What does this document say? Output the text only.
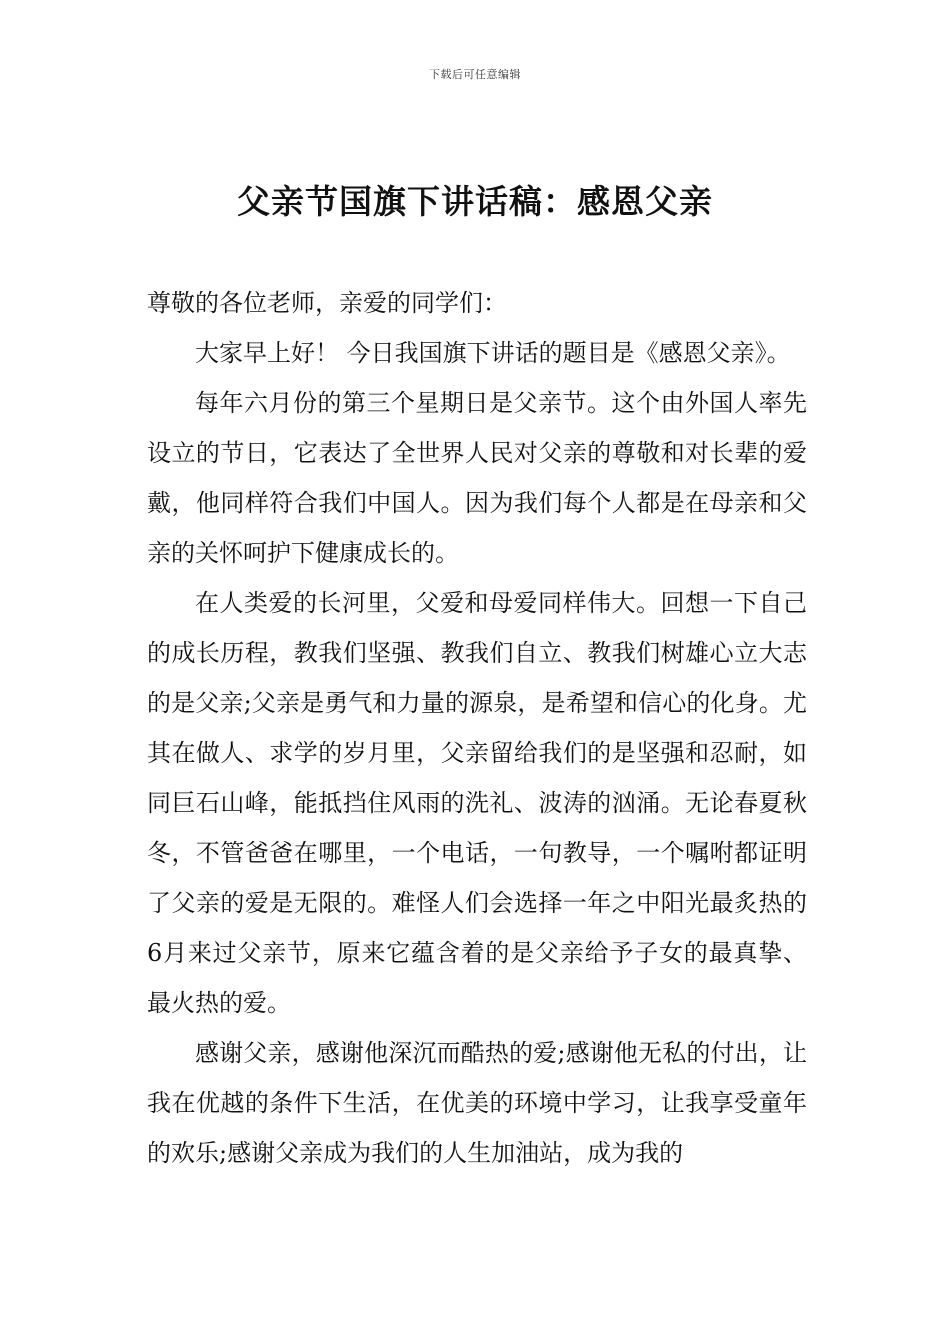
下载后可任意编辑
父亲节国旗下讲话稿：感恩父亲

尊敬的各位老师，亲爱的同学们：

大家早上好！ 今日我国旗下讲话的题目是《感恩父亲》。

每年六月份的第三个星期日是父亲节。这个由外国人率先设立的节日，它表达了全世界人民对父亲的尊敬和对长辈的爱戴，他同样符合我们中国人。因为我们每个人都是在母亲和父亲的关怀呵护下健康成长的。

在人类爱的长河里，父爱和母爱同样伟大。回想一下自己的成长历程，教我们坚强、教我们自立、教我们树雄心立大志的是父亲;父亲是勇气和力量的源泉，是希望和信心的化身。尤其在做人、求学的岁月里，父亲留给我们的是坚强和忍耐，如同巨石山峰，能抵挡住风雨的洗礼、波涛的汹涌。无论春夏秋冬，不管爸爸在哪里，一个电话，一句教导，一个嘱咐都证明了父亲的爱是无限的。难怪人们会选择一年之中阳光最炙热的6月来过父亲节，原来它蕴含着的是父亲给予子女的最真挚、最火热的爱。

感谢父亲，感谢他深沉而酷热的爱;感谢他无私的付出，让我在优越的条件下生活，在优美的环境中学习，让我享受童年的欢乐;感谢父亲成为我们的人生加油站，成为我的
